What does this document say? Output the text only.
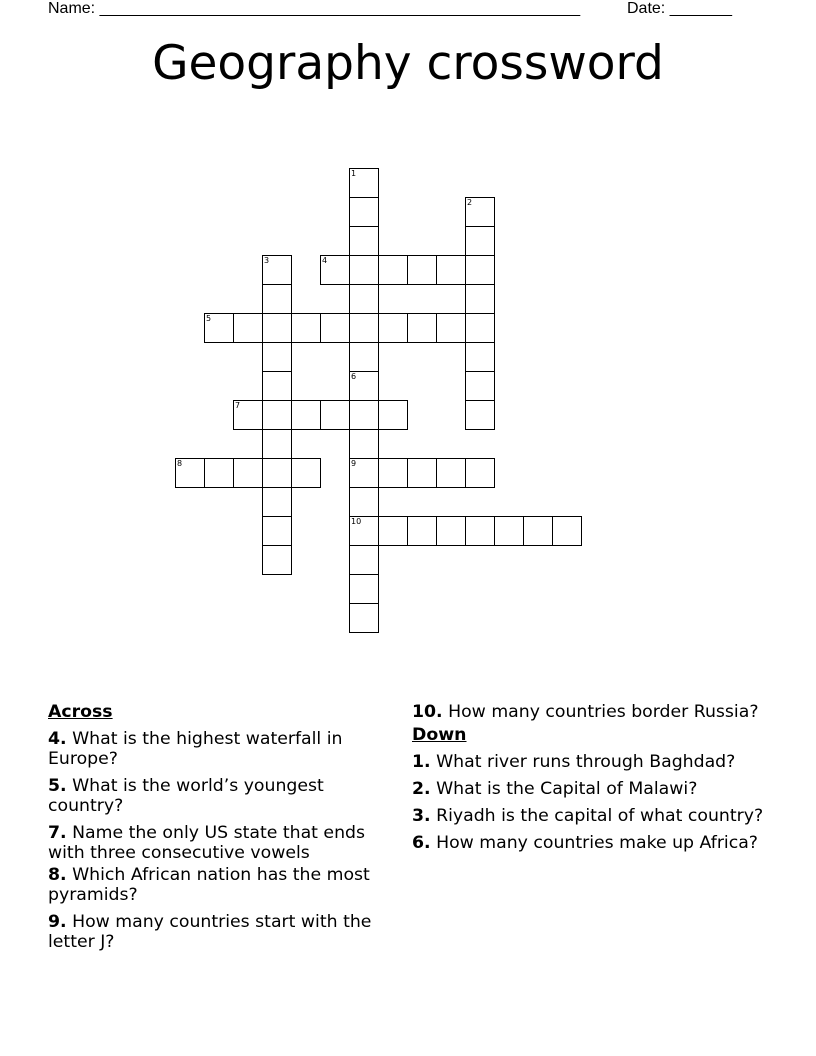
Name: ______________________________________________________	Date: _______
Geography crossword
1
6
2
3	4
5
9
10
7
8
Across
4. What is the highest waterfall in Europe?
5. What is the world’s youngest country?
7. Name the only US state that ends with three consecutive vowels
8. Which African nation has the most pyramids?
9. How many countries start with the letter J?
10. How many countries border Russia?
Down
1. What river runs through Baghdad?
2. What is the Capital of Malawi?
3. Riyadh is the capital of what country?
6. How many countries make up Africa?
